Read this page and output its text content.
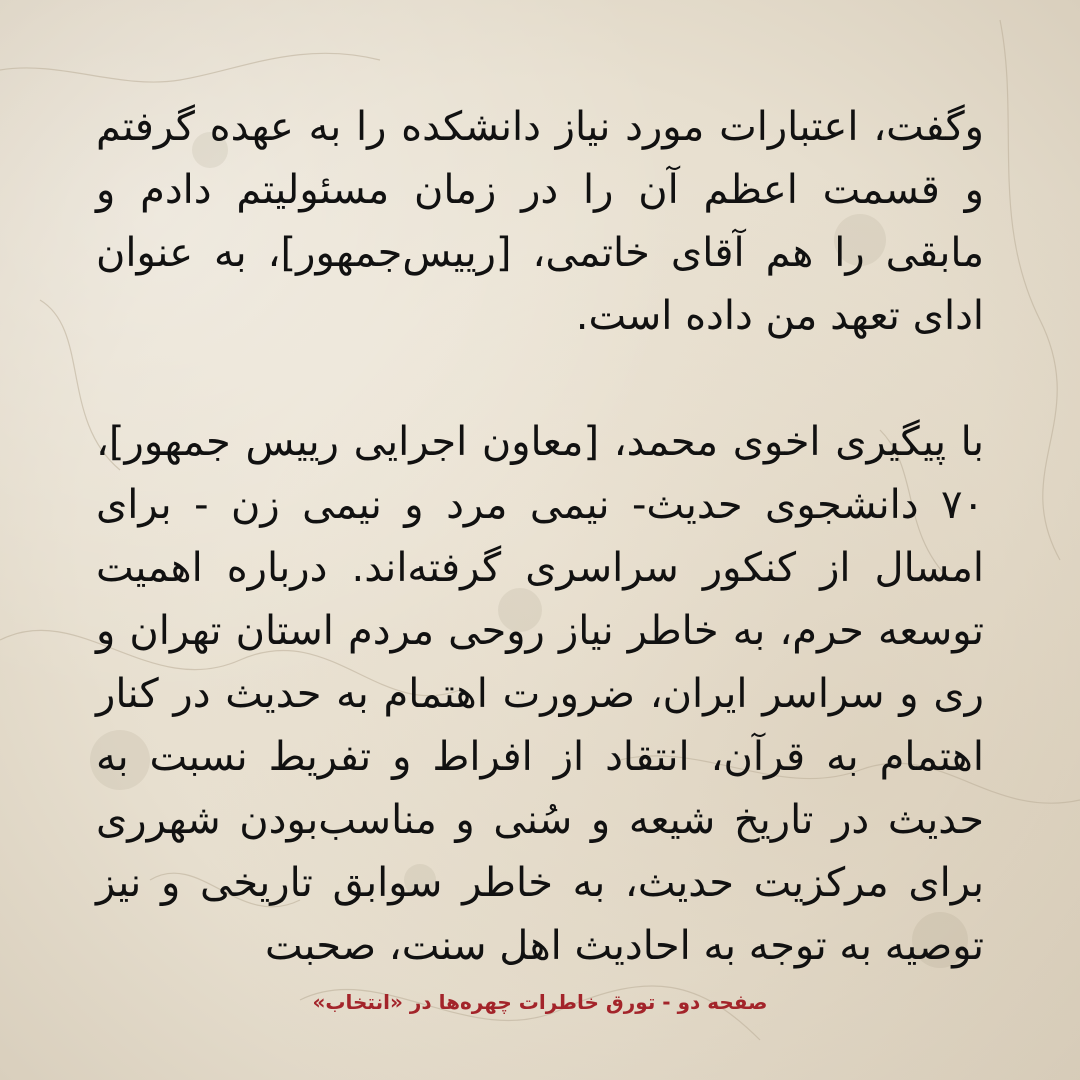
وگفت، اعتبارات مورد نیاز دانشکده را به عهده گرفتم و قسمت اعظم آن را در زمان مسئولیتم دادم و مابقی را هم آقای خاتمی، [رییس‌جمهور]، به عنوان ادای تعهد من داده است.

با پیگیری اخوی محمد، [معاون اجرایی رییس جمهور]، ۷۰ دانشجوی حدیث- نیمی مرد و نیمی زن - برای امسال از کنکور سراسری گرفته‌اند. درباره اهمیت توسعه حرم، به خاطر نیاز روحی مردم استان تهران و ری و سراسر ایران، ضرورت اهتمام به حدیث در کنار اهتمام به قرآن، انتقاد از افراط و تفریط نسبت به حدیث در تاریخ شیعه و سُنی و مناسب‌بودن شهرری برای مرکزیت حدیث، به خاطر سوابق تاریخی و نیز توصیه به توجه به احادیث اهل سنت، صحبت

صفحه دو - تورق خاطرات چهره‌ها در «انتخاب»
